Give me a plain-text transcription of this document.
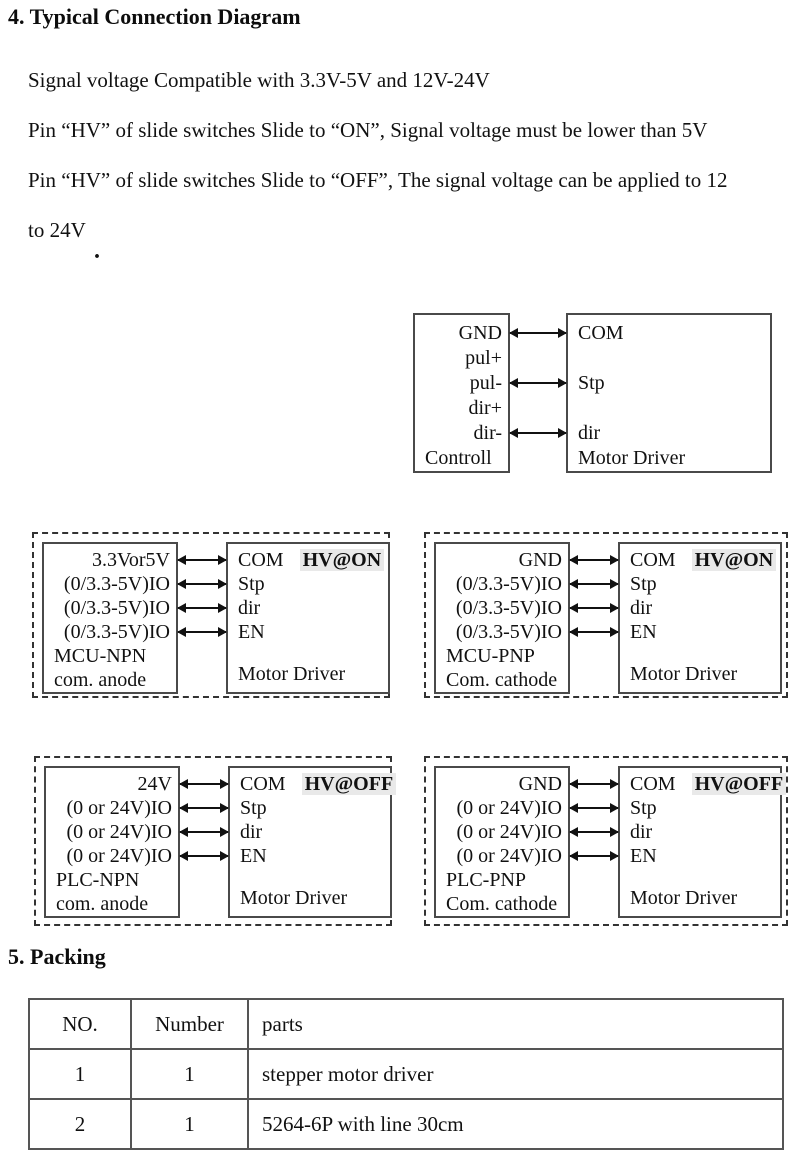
4. Typical Connection Diagram
Signal voltage Compatible with 3.3V-5V and 12V-24V
Pin “HV” of slide switches Slide to “ON”, Signal voltage must be lower than 5V
Pin “HV” of slide switches Slide to “OFF”, The signal voltage can be applied to 12
to 24V
.
GND
pul+
pul-
dir+
dir-
Controll
COM
Stp
dir
Motor Driver
3.3Vor5V
(0/3.3-5V)IO
(0/3.3-5V)IO
(0/3.3-5V)IO
MCU-NPN
com. anode
COM HV@ON
Stp
dir
EN
Motor Driver
GND
(0/3.3-5V)IO
(0/3.3-5V)IO
(0/3.3-5V)IO
MCU-PNP
Com. cathode
COM HV@ON
Stp
dir
EN
Motor Driver
24V
(0 or 24V)IO
(0 or 24V)IO
(0 or 24V)IO
PLC-NPN
com. anode
COM HV@OFF
Stp
dir
EN
Motor Driver
GND
(0 or 24V)IO
(0 or 24V)IO
(0 or 24V)IO
PLC-PNP
Com. cathode
COM HV@OFF
Stp
dir
EN
Motor Driver
5. Packing
NO.	Number	parts
1	1	stepper motor driver
2	1	5264-6P with line 30cm
